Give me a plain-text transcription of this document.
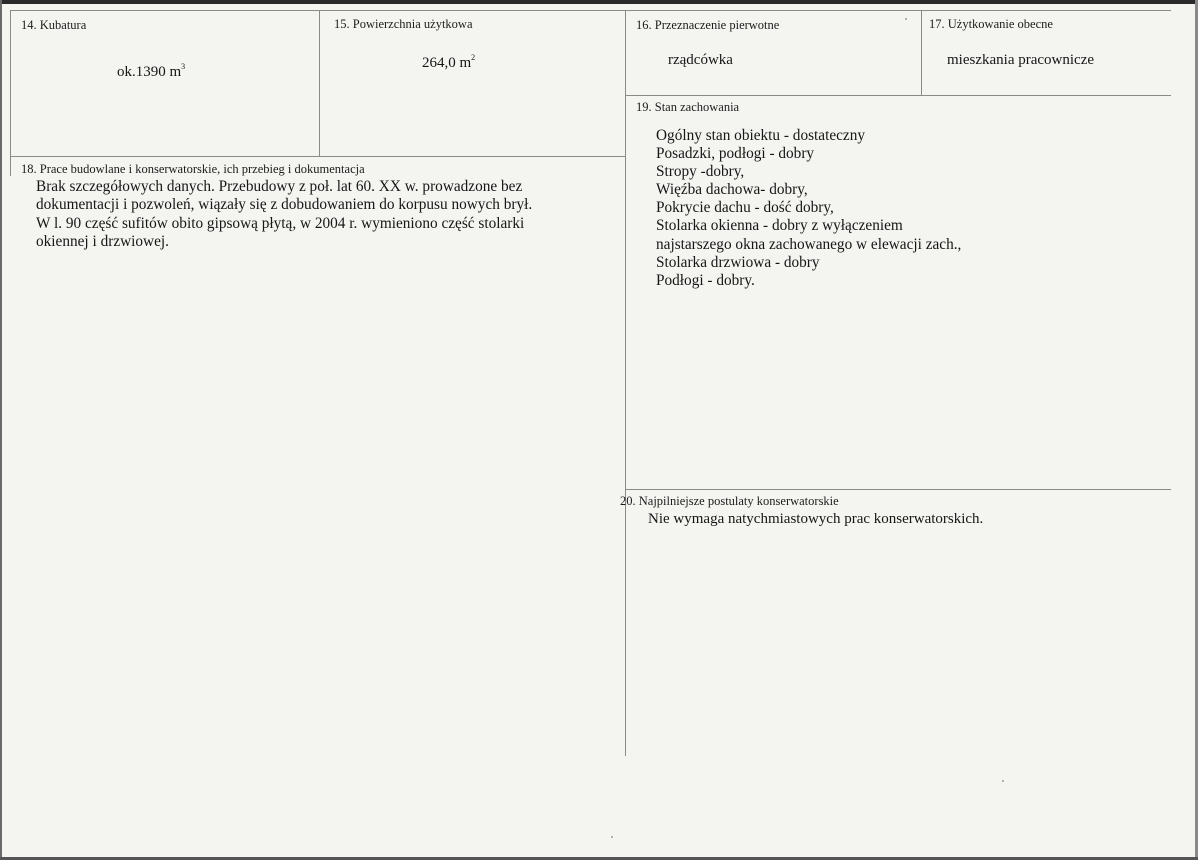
14. Kubatura
ok.1390 $m^3$
15. Powierzchnia użytkowa
264,0 $m^2$
16. Przeznaczenie pierwotne
rządcówka
17. Użytkowanie obecne
mieszkania pracownicze
19. Stan zachowania
Ogólny stan obiektu - dostateczny
Posadzki, podłogi - dobry
Stropy -dobry,
Więźba dachowa- dobry,
Pokrycie dachu - dość dobry,
Stolarka okienna - dobry z wyłączeniem
najstarszego okna zachowanego w elewacji zach.,
Stolarka drzwiowa - dobry
Podłogi - dobry.
18. Prace budowlane i konserwatorskie, ich przebieg i dokumentacja
Brak szczegółowych danych. Przebudowy z poł. lat 60. XX w. prowadzone bez
dokumentacji i pozwoleń, wiązały się z dobudowaniem do korpusu nowych brył.
W l. 90 część sufitów obito gipsową płytą, w 2004 r. wymieniono część stolarki
okiennej i drzwiowej.
20. Najpilniejsze postulaty konserwatorskie
Nie wymaga natychmiastowych prac konserwatorskich.
